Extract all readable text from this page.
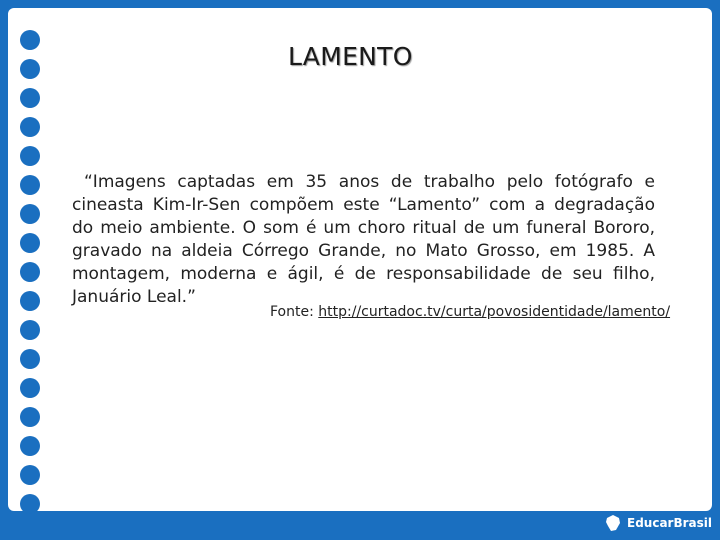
LAMENTO

“Imagens captadas em 35 anos de trabalho pelo fotógrafo e cineasta Kim-Ir-Sen compõem este “Lamento” com a degradação do meio ambiente. O som é um choro ritual de um funeral Bororo, gravado na aldeia Córrego Grande, no Mato Grosso, em 1985. A montagem, moderna e ágil, é de responsabilidade de seu filho, Januário Leal.”

Fonte: http://curtadoc.tv/curta/povosidentidade/lamento/
EducarBrasil
